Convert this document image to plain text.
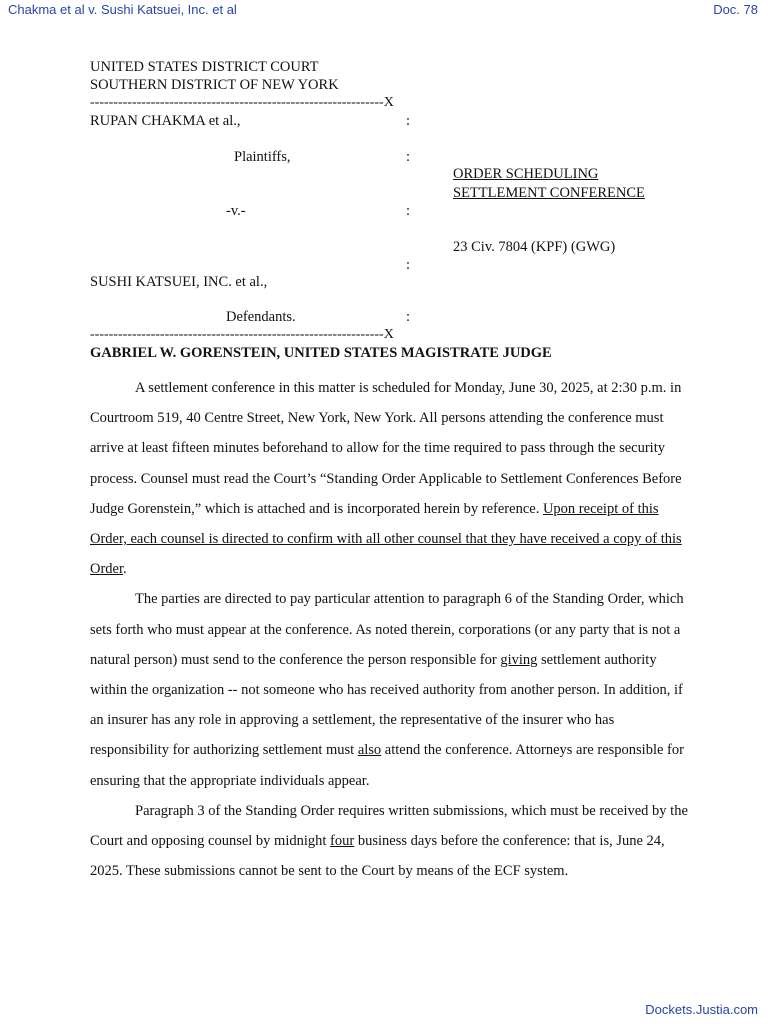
Chakma et al v. Sushi Katsuei, Inc. et al	Doc. 78
UNITED STATES DISTRICT COURT
SOUTHERN DISTRICT OF NEW YORK
---------------------------------------------------------------X
RUPAN CHAKMA et al.,	:
Plaintiffs,	:
ORDER SCHEDULING
SETTLEMENT CONFERENCE
-v.-	:
23 Civ. 7804 (KPF) (GWG)
:
SUSHI KATSUEI, INC. et al.,
Defendants.	:
---------------------------------------------------------------X
GABRIEL W. GORENSTEIN, UNITED STATES MAGISTRATE JUDGE

A settlement conference in this matter is scheduled for Monday, June 30, 2025, at 2:30 p.m. in Courtroom 519, 40 Centre Street, New York, New York. All persons attending the conference must arrive at least fifteen minutes beforehand to allow for the time required to pass through the security process. Counsel must read the Court’s “Standing Order Applicable to Settlement Conferences Before Judge Gorenstein,” which is attached and is incorporated herein by reference. Upon receipt of this Order, each counsel is directed to confirm with all other counsel that they have received a copy of this Order.

The parties are directed to pay particular attention to paragraph 6 of the Standing Order, which sets forth who must appear at the conference. As noted therein, corporations (or any party that is not a natural person) must send to the conference the person responsible for giving settlement authority within the organization -- not someone who has received authority from another person. In addition, if an insurer has any role in approving a settlement, the representative of the insurer who has responsibility for authorizing settlement must also attend the conference. Attorneys are responsible for ensuring that the appropriate individuals appear.

Paragraph 3 of the Standing Order requires written submissions, which must be received by the Court and opposing counsel by midnight four business days before the conference: that is, June 24, 2025. These submissions cannot be sent to the Court by means of the ECF system.

Dockets.Justia.com
